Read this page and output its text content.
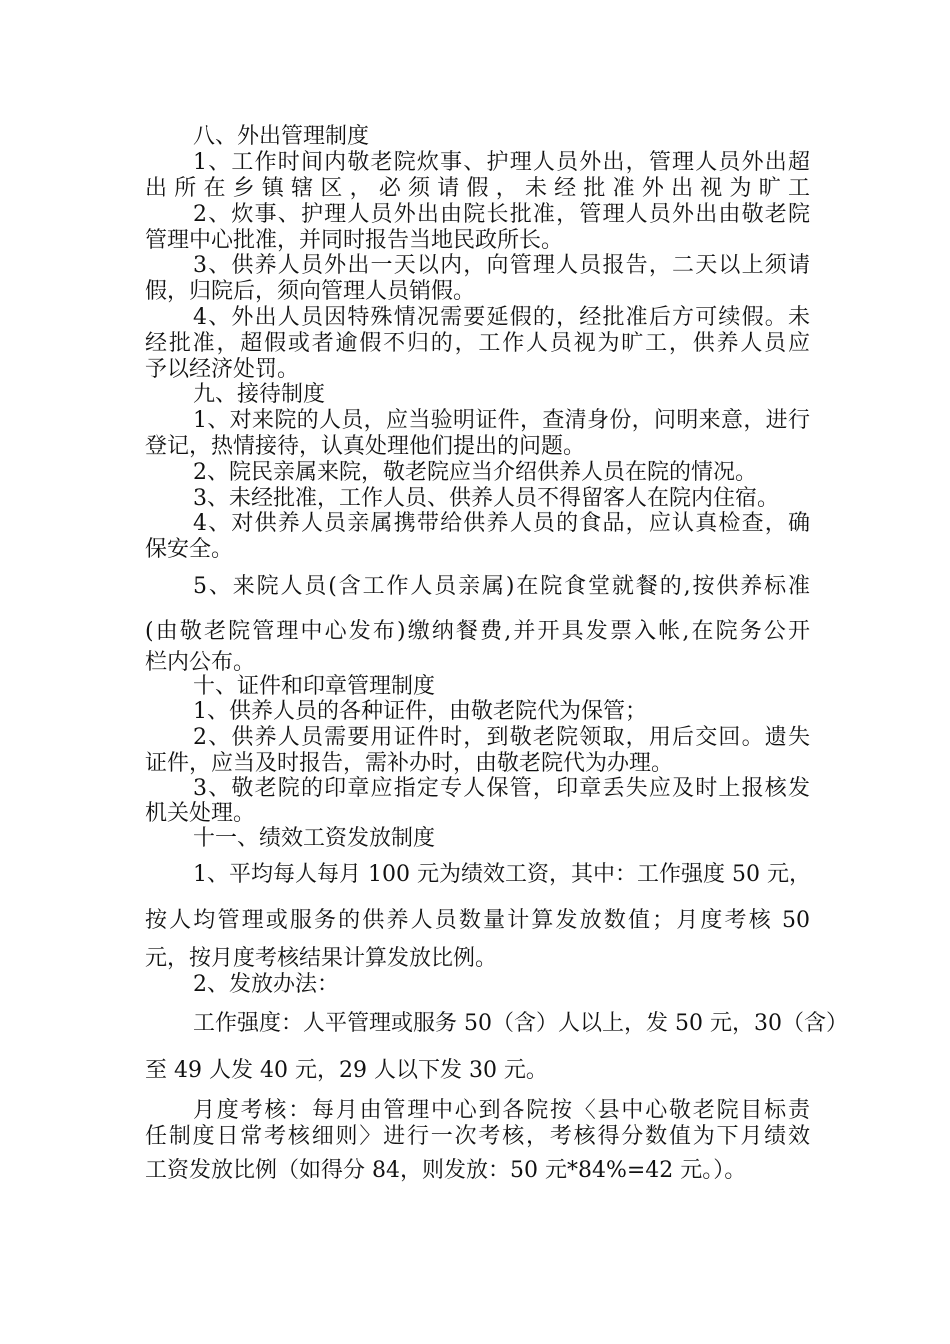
八、外出管理制度
1、工作时间内敬老院炊事、护理人员外出，管理人员外出超
出所在乡镇辖区，必须请假，未经批准外出视为旷工
2、炊事、护理人员外出由院长批准，管理人员外出由敬老院
管理中心批准，并同时报告当地民政所长。
3、供养人员外出一天以内，向管理人员报告，二天以上须请
假，归院后，须向管理人员销假。
4、外出人员因特殊情况需要延假的，经批准后方可续假。未
经批准，超假或者逾假不归的，工作人员视为旷工，供养人员应
予以经济处罚。
九、接待制度
1、对来院的人员，应当验明证件，查清身份，问明来意，进行
登记，热情接待，认真处理他们提出的问题。
2、院民亲属来院，敬老院应当介绍供养人员在院的情况。
3、未经批准，工作人员、供养人员不得留客人在院内住宿。
4、对供养人员亲属携带给供养人员的食品，应认真检查，确
保安全。
5、来院人员(含工作人员亲属)在院食堂就餐的,按供养标准
(由敬老院管理中心发布)缴纳餐费,并开具发票入帐,在院务公开
栏内公布。
十、证件和印章管理制度
1、供养人员的各种证件，由敬老院代为保管；
2、供养人员需要用证件时，到敬老院领取，用后交回。遗失
证件，应当及时报告，需补办时，由敬老院代为办理。
3、敬老院的印章应指定专人保管，印章丢失应及时上报核发
机关处理。
十一、绩效工资发放制度
1、平均每人每月 100 元为绩效工资，其中：工作强度 50 元，
按人均管理或服务的供养人员数量计算发放数值；月度考核 50
元，按月度考核结果计算发放比例。
2、发放办法：
工作强度：人平管理或服务 50（含）人以上，发 50 元，30（含）
至 49 人发 40 元，29 人以下发 30 元。
月度考核：每月由管理中心到各院按〈县中心敬老院目标责
任制度日常考核细则〉进行一次考核，考核得分数值为下月绩效
工资发放比例（如得分 84，则发放：50 元*84%=42 元。）。
